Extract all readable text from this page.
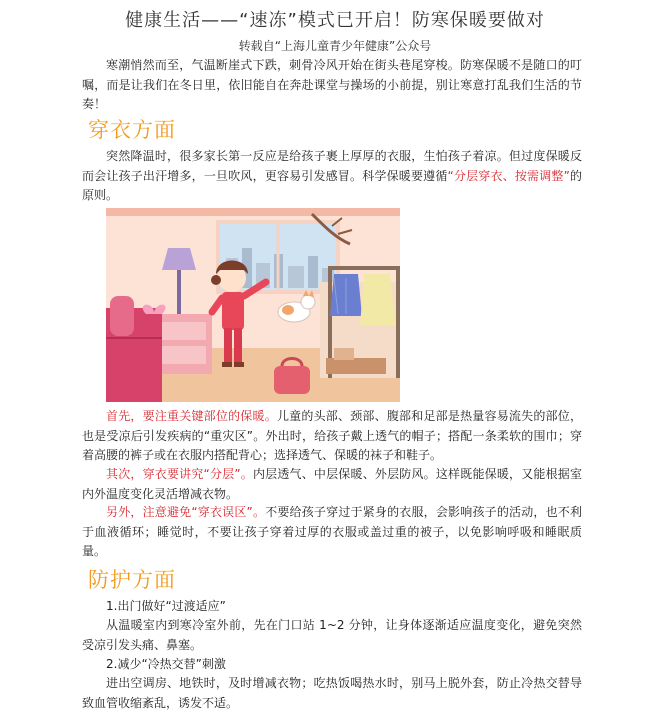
健康生活——“速冻”模式已开启！防寒保暖要做对
转载自“上海儿童青少年健康”公众号
寒潮悄然而至，气温断崖式下跌，刺骨冷风开始在街头巷尾穿梭。防寒保暖不是随口的叮嘱，而是让我们在冬日里，依旧能自在奔赴课堂与操场的小前提，别让寒意打乱我们生活的节奏！
穿衣方面
突然降温时，很多家长第一反应是给孩子裹上厚厚的衣服，生怕孩子着凉。但过度保暖反而会让孩子出汗增多，一旦吹风，更容易引发感冒。科学保暖要遵循“分层穿衣、按需调整”的原则。
首先，要注重关键部位的保暖。儿童的头部、颈部、腹部和足部是热量容易流失的部位，也是受凉后引发疾病的“重灾区”。外出时，给孩子戴上透气的帽子；搭配一条柔软的围巾；穿着高腰的裤子或在衣服内搭配背心；选择透气、保暖的袜子和鞋子。
其次，穿衣要讲究“分层”。内层透气、中层保暖、外层防风。这样既能保暖，又能根据室内外温度变化灵活增减衣物。
另外，注意避免“穿衣误区”。不要给孩子穿过于紧身的衣服，会影响孩子的活动，也不利于血液循环；睡觉时，不要让孩子穿着过厚的衣服或盖过重的被子，以免影响呼吸和睡眠质量。
防护方面
1.出门做好“过渡适应”
从温暖室内到寒冷室外前，先在门口站 1~2 分钟，让身体逐渐适应温度变化，避免突然受凉引发头痛、鼻塞。
2.减少“冷热交替”刺激
进出空调房、地铁时，及时增减衣物；吃热饭喝热水时，别马上脱外套，防止冷热交替导致血管收缩紊乱，诱发不适。
